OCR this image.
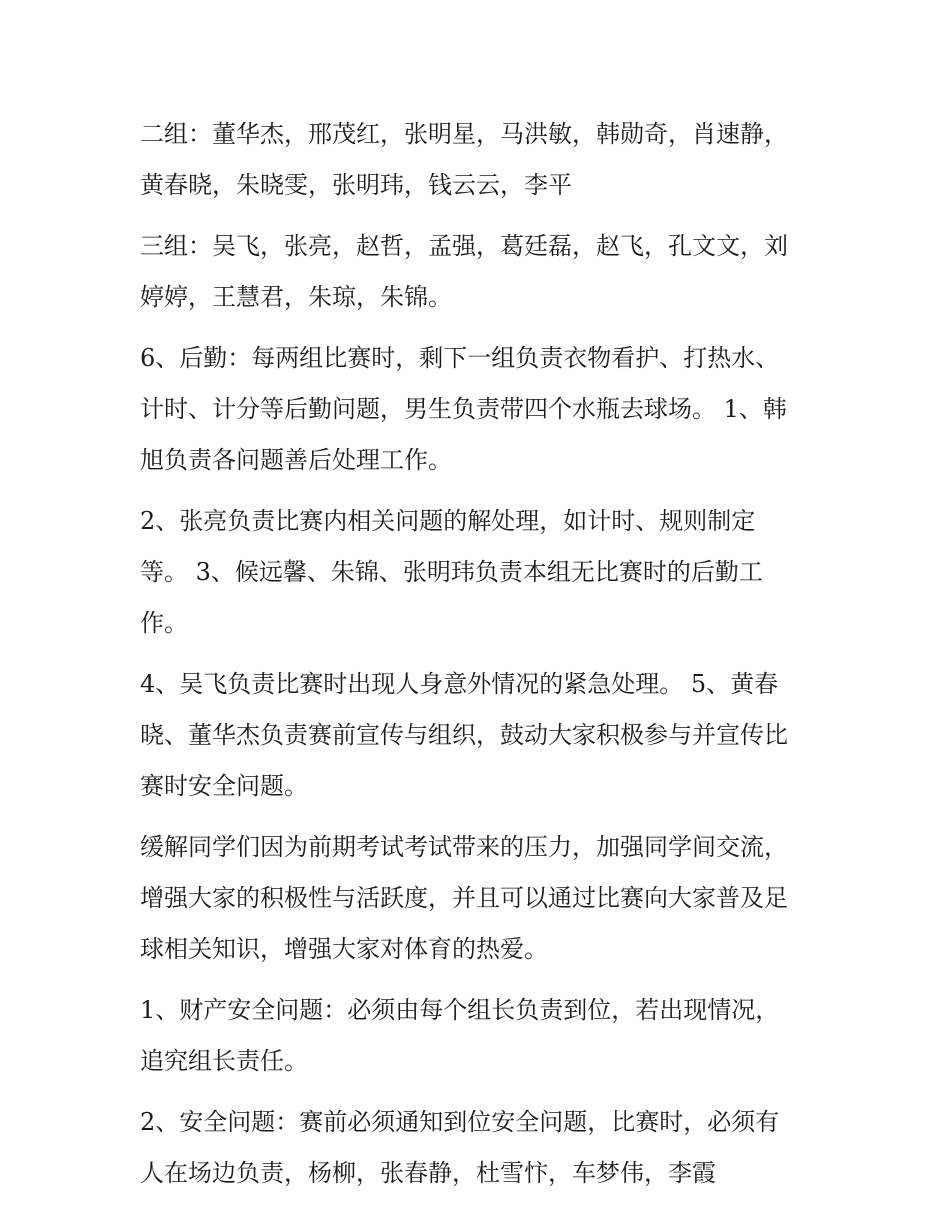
二组：董华杰，邢茂红，张明星，马洪敏，韩勋奇，肖速静，
黄春晓，朱晓雯，张明玮，钱云云，李平

三组：吴飞，张亮，赵哲，孟强，葛廷磊，赵飞，孔文文，刘
婷婷，王慧君，朱琼，朱锦。

6、后勤：每两组比赛时，剩下一组负责衣物看护、打热水、
计时、计分等后勤问题，男生负责带四个水瓶去球场。 1、韩
旭负责各问题善后处理工作。

2、张亮负责比赛内相关问题的解处理，如计时、规则制定
等。 3、候远馨、朱锦、张明玮负责本组无比赛时的后勤工
作。

4、吴飞负责比赛时出现人身意外情况的紧急处理。 5、黄春
晓、董华杰负责赛前宣传与组织，鼓动大家积极参与并宣传比
赛时安全问题。

缓解同学们因为前期考试考试带来的压力，加强同学间交流，
增强大家的积极性与活跃度，并且可以通过比赛向大家普及足
球相关知识，增强大家对体育的热爱。

1、财产安全问题：必须由每个组长负责到位，若出现情况，
追究组长责任。

2、安全问题：赛前必须通知到位安全问题，比赛时，必须有
人在场边负责，杨柳，张春静，杜雪忭，车梦伟，李霞
